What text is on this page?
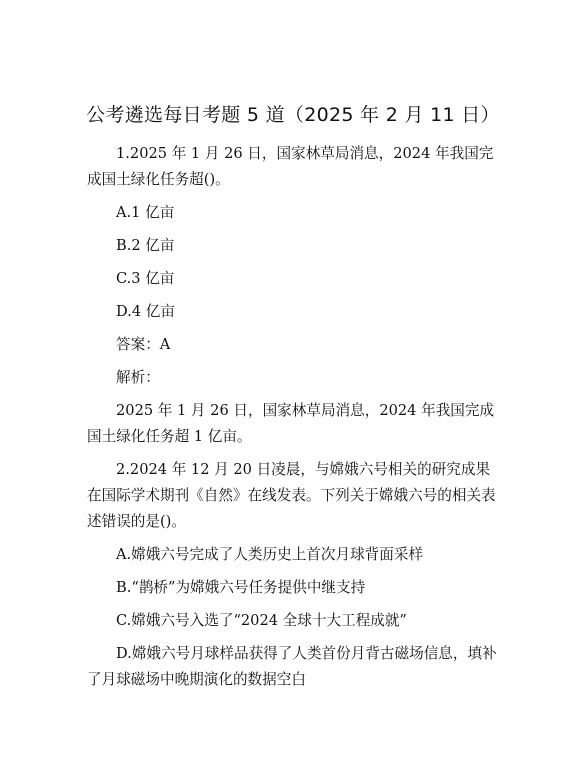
公考遴选每日考题 5 道（2025 年 2 月 11 日）

1.2025 年 1 月 26 日，国家林草局消息，2024 年我国完成国土绿化任务超()。

A.1 亿亩

B.2 亿亩

C.3 亿亩

D.4 亿亩

答案：A

解析：

2025 年 1 月 26 日，国家林草局消息，2024 年我国完成国土绿化任务超 1 亿亩。

2.2024 年 12 月 20 日凌晨，与嫦娥六号相关的研究成果在国际学术期刊《自然》在线发表。下列关于嫦娥六号的相关表述错误的是()。

A.嫦娥六号完成了人类历史上首次月球背面采样

B.“鹊桥”为嫦娥六号任务提供中继支持

C.嫦娥六号入选了“2024 全球十大工程成就”

D.嫦娥六号月球样品获得了人类首份月背古磁场信息，填补了月球磁场中晚期演化的数据空白
